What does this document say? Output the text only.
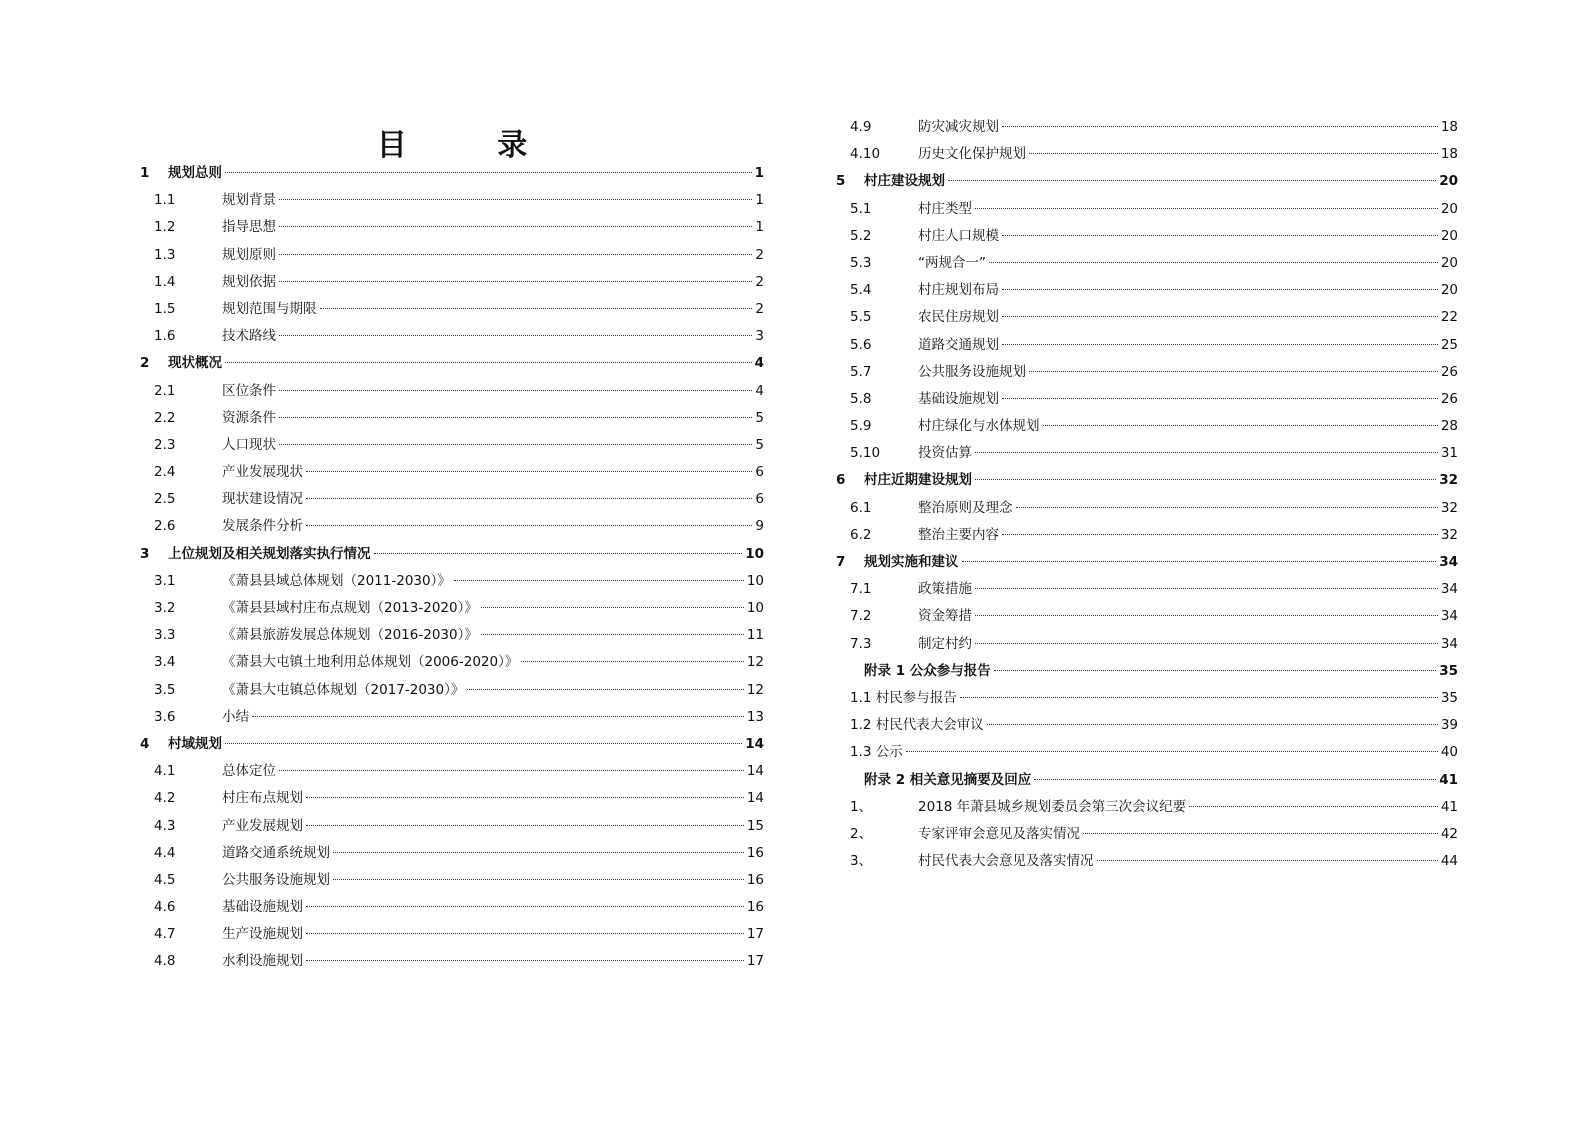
目 录
1	规划总则	1
1.1	规划背景	1
1.2	指导思想	1
1.3	规划原则	2
1.4	规划依据	2
1.5	规划范围与期限	2
1.6	技术路线	3
2	现状概况	4
2.1	区位条件	4
2.2	资源条件	5
2.3	人口现状	5
2.4	产业发展现状	6
2.5	现状建设情况	6
2.6	发展条件分析	9
3	上位规划及相关规划落实执行情况	10
3.1	《萧县县域总体规划（2011-2030）》	10
3.2	《萧县县域村庄布点规划（2013-2020）》	10
3.3	《萧县旅游发展总体规划（2016-2030）》	11
3.4	《萧县大屯镇土地利用总体规划（2006-2020）》	12
3.5	《萧县大屯镇总体规划（2017-2030）》	12
3.6	小结	13
4	村域规划	14
4.1	总体定位	14
4.2	村庄布点规划	14
4.3	产业发展规划	15
4.4	道路交通系统规划	16
4.5	公共服务设施规划	16
4.6	基础设施规划	16
4.7	生产设施规划	17
4.8	水利设施规划	17
4.9	防灾减灾规划	18
4.10	历史文化保护规划	18
5	村庄建设规划	20
5.1	村庄类型	20
5.2	村庄人口规模	20
5.3	“两规合一”	20
5.4	村庄规划布局	20
5.5	农民住房规划	22
5.6	道路交通规划	25
5.7	公共服务设施规划	26
5.8	基础设施规划	26
5.9	村庄绿化与水体规划	28
5.10	投资估算	31
6	村庄近期建设规划	32
6.1	整治原则及理念	32
6.2	整治主要内容	32
7	规划实施和建议	34
7.1	政策措施	34
7.2	资金筹措	34
7.3	制定村约	34
附录 1 公众参与报告	35
1.1 村民参与报告	35
1.2 村民代表大会审议	39
1.3 公示	40
附录 2 相关意见摘要及回应	41
1、	2018 年萧县城乡规划委员会第三次会议纪要	41
2、	专家评审会意见及落实情况	42
3、	村民代表大会意见及落实情况	44
